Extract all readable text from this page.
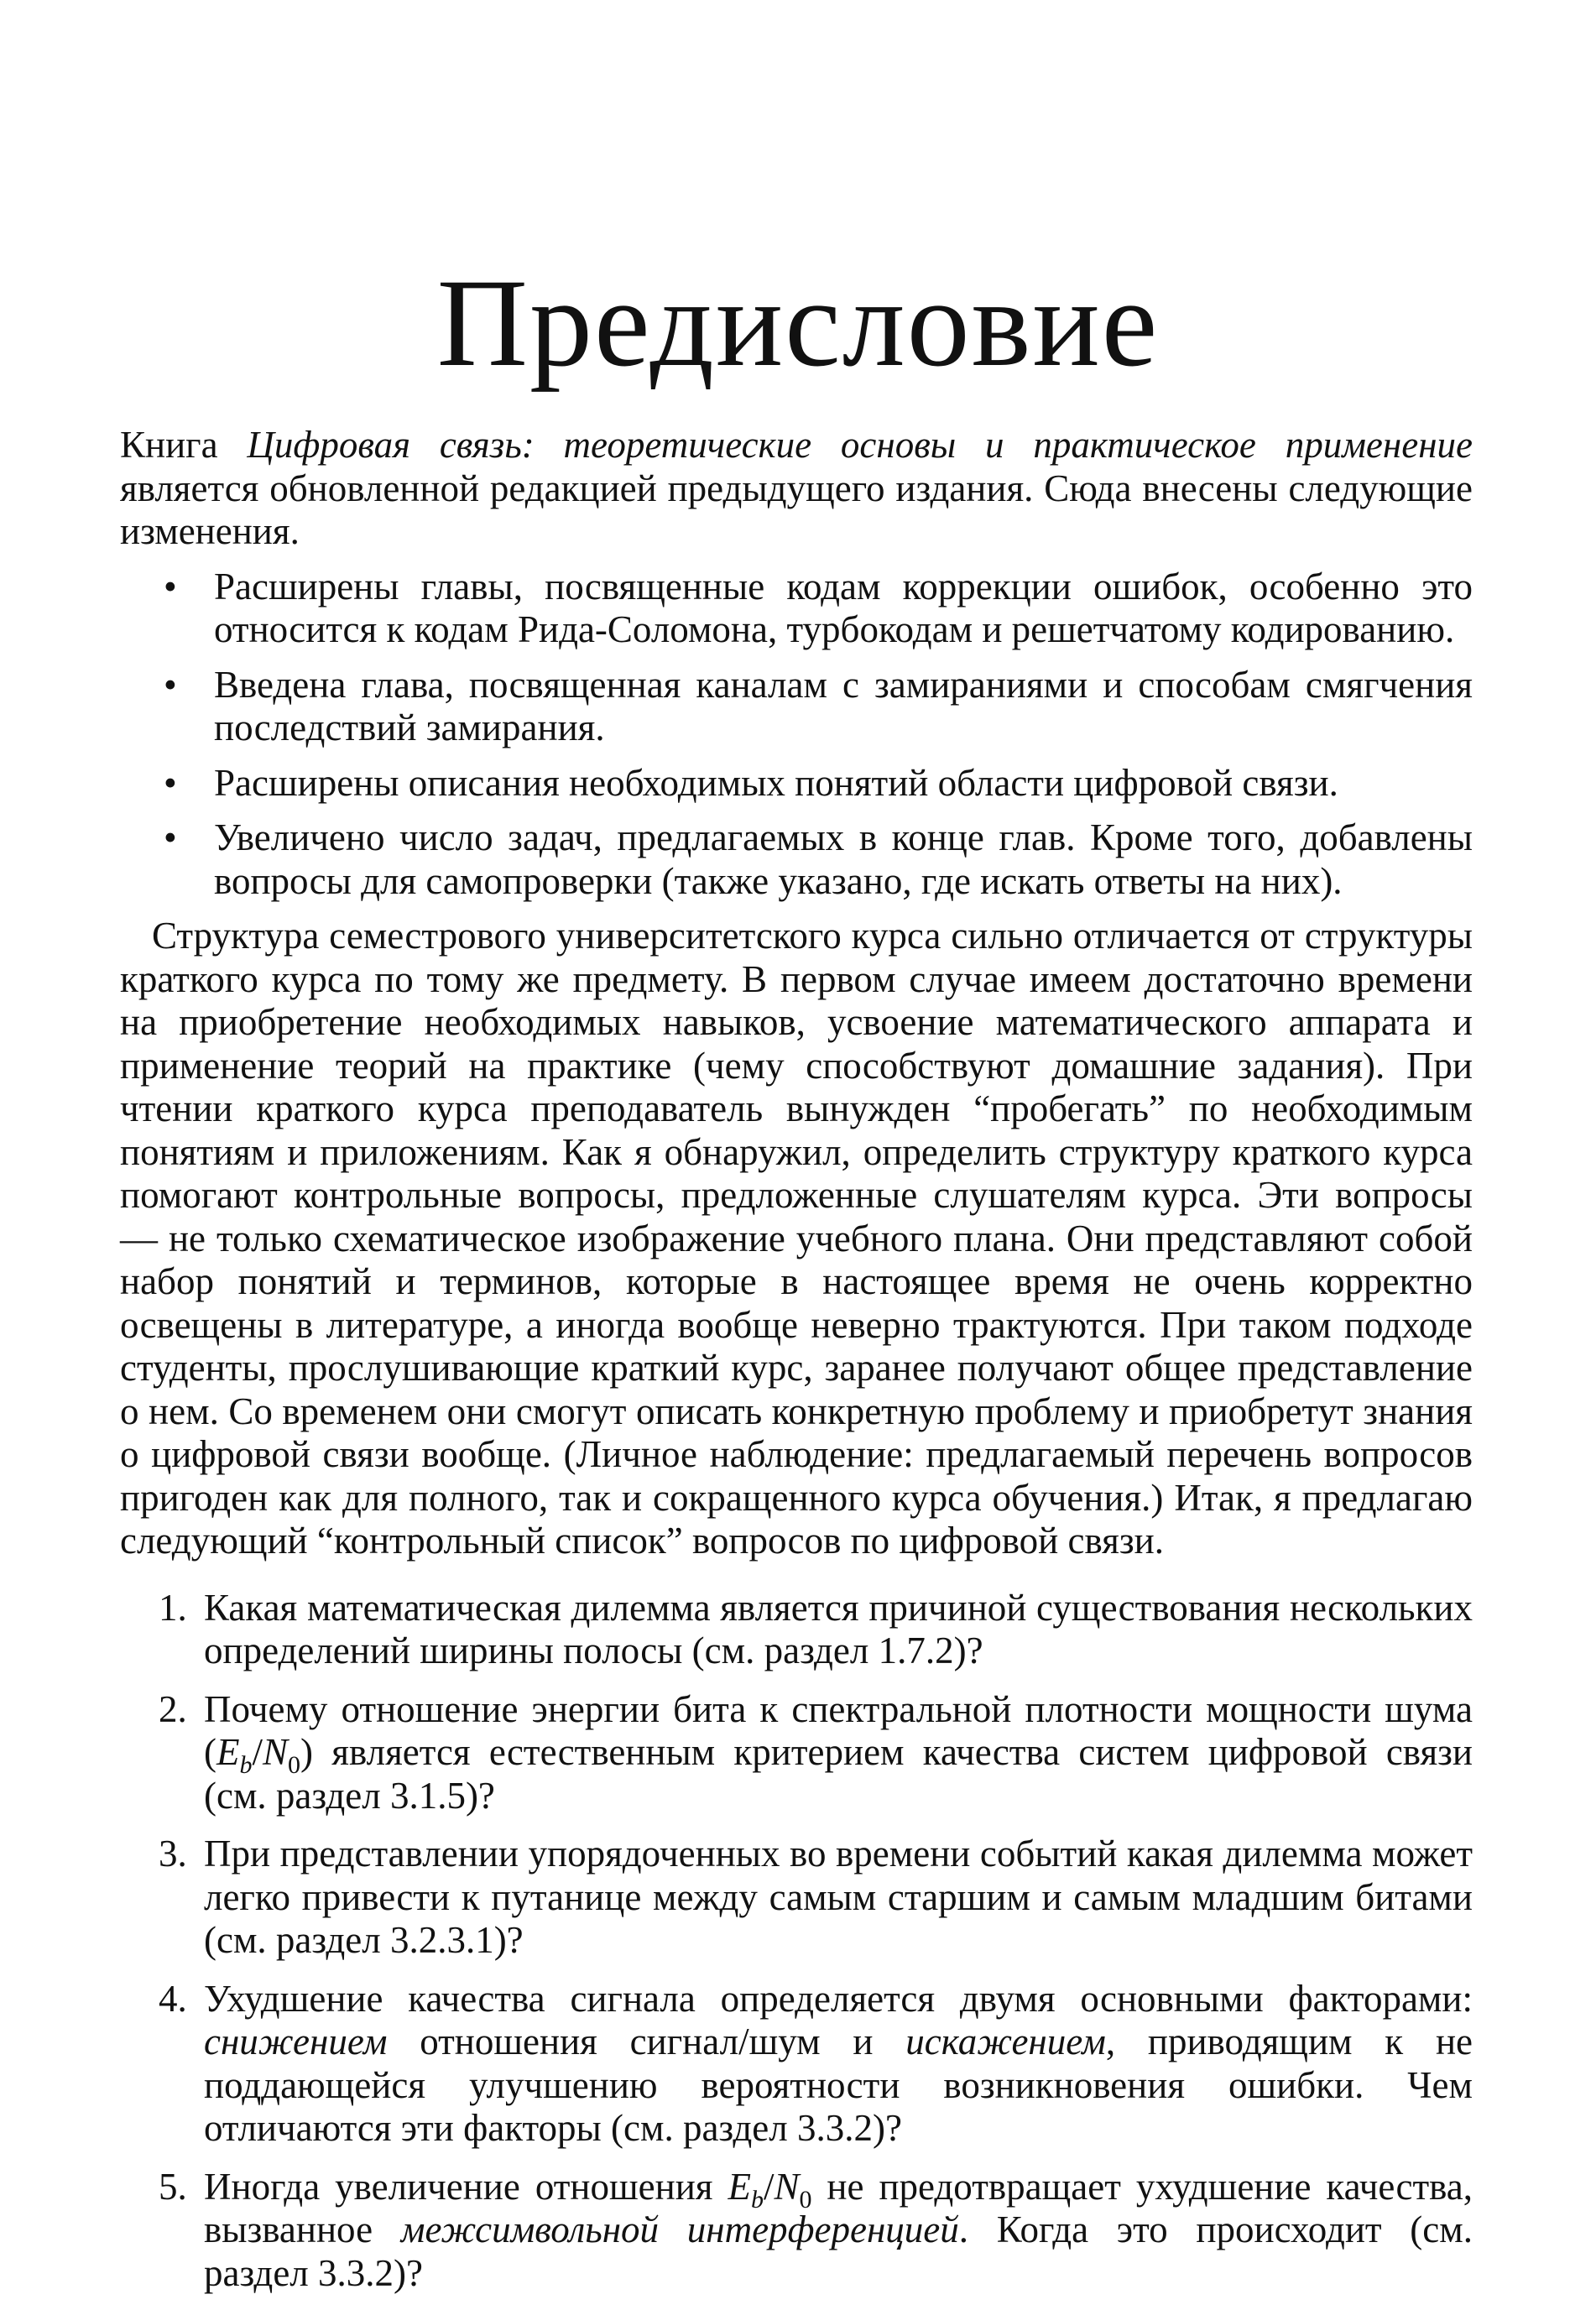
Предисловие

Книга Цифровая связь: теоретические основы и практическое применение является обновленной редакцией предыдущего издания. Сюда внесены следующие изменения.

• Расширены главы, посвященные кодам коррекции ошибок, особенно это относится к кодам Рида-Соломона, турбокодам и решетчатому кодированию.
• Введена глава, посвященная каналам с замираниями и способам смягчения последствий замирания.
• Расширены описания необходимых понятий области цифровой связи.
• Увеличено число задач, предлагаемых в конце глав. Кроме того, добавлены вопросы для самопроверки (также указано, где искать ответы на них).

Структура семестрового университетского курса сильно отличается от структуры краткого курса по тому же предмету. В первом случае имеем достаточно времени на приобретение необходимых навыков, усвоение математического аппарата и применение теорий на практике (чему способствуют домашние задания). При чтении краткого курса преподаватель вынужден “пробегать” по необходимым понятиям и приложениям. Как я обнаружил, определить структуру краткого курса помогают контрольные вопросы, предложенные слушателям курса. Эти вопросы — не только схематическое изображение учебного плана. Они представляют собой набор понятий и терминов, которые в настоящее время не очень корректно освещены в литературе, а иногда вообще неверно трактуются. При таком подходе студенты, прослушивающие краткий курс, заранее получают общее представление о нем. Со временем они смогут описать конкретную проблему и приобретут знания о цифровой связи вообще. (Личное наблюдение: предлагаемый перечень вопросов пригоден как для полного, так и сокращенного курса обучения.) Итак, я предлагаю следующий “контрольный список” вопросов по цифровой связи.

1. Какая математическая дилемма является причиной существования нескольких определений ширины полосы (см. раздел 1.7.2)?
2. Почему отношение энергии бита к спектральной плотности мощности шума $(E_b/N_0)$ является естественным критерием качества систем цифровой связи (см. раздел 3.1.5)?
3. При представлении упорядоченных во времени событий какая дилемма может легко привести к путанице между самым старшим и самым младшим битами (см. раздел 3.2.3.1)?
4. Ухудшение качества сигнала определяется двумя основными факторами: снижением отношения сигнал/шум и искажением, приводящим к не поддающейся улучшению вероятности возникновения ошибки. Чем отличаются эти факторы (см. раздел 3.3.2)?
5. Иногда увеличение отношения $E_b/N_0$ не предотвращает ухудшение качества, вызванное межсимвольной интерференцией. Когда это происходит (см. раздел 3.3.2)?
